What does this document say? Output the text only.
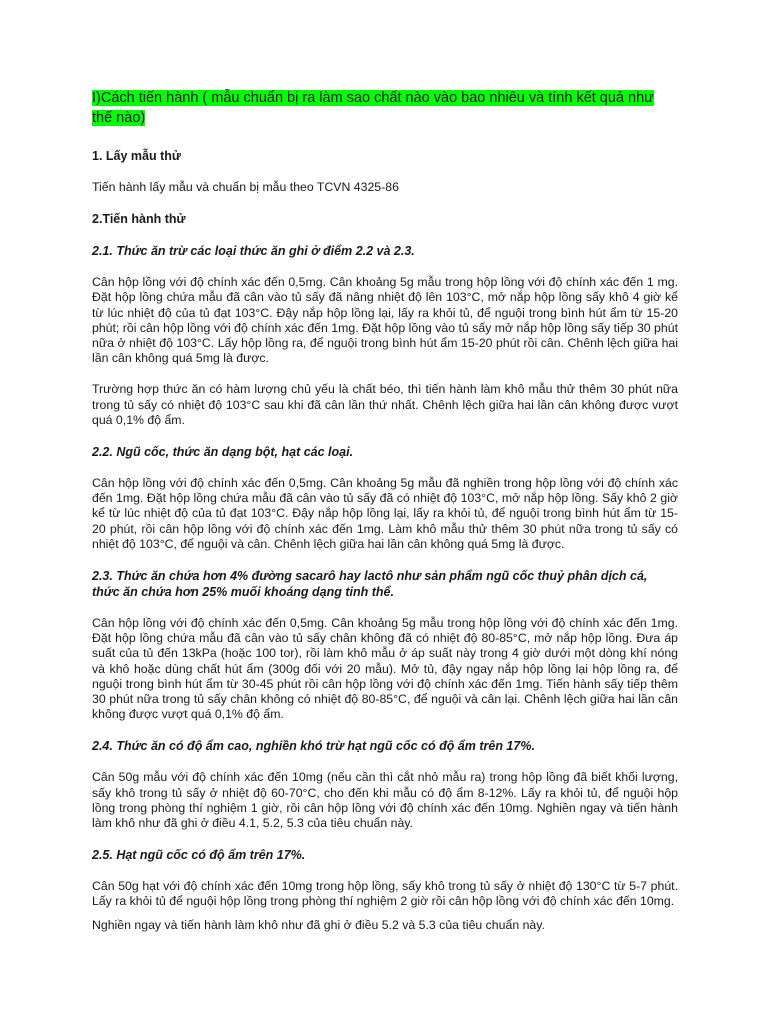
I)Cách tiến hành ( mẫu chuẩn bị ra làm sao chất nào vào bao nhiêu và tính kết quả như thế nào)

1. Lấy mẫu thử

Tiến hành lấy mẫu và chuẩn bị mẫu theo TCVN 4325-86

2.Tiến hành thử

2.1. Thức ăn trừ các loại thức ăn ghi ở điểm 2.2 và 2.3.

Cân hộp lồng với độ chính xác đến 0,5mg. Cân khoảng 5g mẫu trong hộp lồng với độ chính xác đến 1 mg. Đặt hộp lồng chứa mẫu đã cân vào tủ sấy đã nâng nhiệt độ lên 103°C, mở nắp hộp lồng sấy khô 4 giờ kể từ lúc nhiệt độ của tủ đạt 103°C. Đậy nắp hộp lồng lại, lấy ra khỏi tủ, để nguội trong bình hút ẩm từ 15-20 phút; rồi cân hộp lồng với độ chính xác đến 1mg. Đặt hộp lồng vào tủ sấy mở nắp hộp lồng sấy tiếp 30 phút nữa ở nhiệt độ 103°C. Lấy hộp lồng ra, để nguội trong bình hút ẩm 15-20 phút rồi cân. Chênh lệch giữa hai lần cân không quá 5mg là được.

Trường hợp thức ăn có hàm lượng chủ yếu là chất béo, thì tiến hành làm khô mẫu thử thêm 30 phút nữa trong tủ sấy có nhiệt độ 103°C sau khi đã cân lần thứ nhất. Chênh lệch giữa hai lần cân không được vượt quá 0,1% độ ẩm.

2.2. Ngũ cốc, thức ăn dạng bột, hạt các loại.

Cân hộp lồng với độ chính xác đến 0,5mg. Cân khoảng 5g mẫu đã nghiền trong hộp lồng với độ chính xác đến 1mg. Đặt hộp lồng chứa mẫu đã cân vào tủ sấy đã có nhiệt độ 103°C, mở nắp hộp lồng. Sấy khô 2 giờ kể từ lúc nhiệt độ của tủ đạt 103°C. Đậy nắp hộp lồng lại, lấy ra khỏi tủ, để nguội trong bình hút ẩm từ 15-20 phút, rồi cân hộp lồng với độ chính xác đến 1mg. Làm khô mẫu thử thêm 30 phút nữa trong tủ sấy có nhiệt độ 103°C, để nguội và cân. Chênh lệch giữa hai lần cân không quá 5mg là được.

2.3. Thức ăn chứa hơn 4% đường sacarô hay lactô như sản phẩm ngũ cốc thuỷ phân dịch cá, thức ăn chứa hơn 25% muối khoáng dạng tinh thể.

Cân hộp lồng với độ chính xác đến 0,5mg. Cân khoảng 5g mẫu trong hộp lồng với độ chính xác đến 1mg. Đặt hộp lồng chứa mẫu đã cân vào tủ sấy chân không đã có nhiệt độ 80-85°C, mở nắp hộp lồng. Đưa áp suất của tủ đến 13kPa (hoặc 100 tor), rồi làm khô mẫu ở áp suất này trong 4 giờ dưới một dòng khí nóng và khô hoặc dùng chất hút ẩm (300g đối với 20 mẫu). Mở tủ, đậy ngay nắp hộp lồng lại hộp lồng ra, để nguội trong bình hút ẩm từ 30-45 phút rồi cân hộp lồng với độ chính xác đến 1mg. Tiến hành sấy tiếp thêm 30 phút nữa trong tủ sấy chân không có nhiệt độ 80-85°C, để nguội và cân lại. Chênh lệch giữa hai lần cân không được vượt quá 0,1% độ ẩm.

2.4. Thức ăn có độ ẩm cao, nghiền khó trừ hạt ngũ cốc có độ ẩm trên 17%.

Cân 50g mẫu với độ chính xác đến 10mg (nếu cần thì cắt nhỏ mẫu ra) trong hộp lồng đã biết khối lượng, sấy khô trong tủ sấy ở nhiệt độ 60-70°C, cho đến khi mẫu có độ ẩm 8-12%. Lấy ra khỏi tủ, để nguội hộp lồng trong phòng thí nghiệm 1 giờ, rồi cân hộp lồng với độ chính xác đến 10mg. Nghiền ngay và tiến hành làm khô như đã ghi ở điều 4.1, 5.2, 5.3 của tiêu chuẩn này.

2.5. Hạt ngũ cốc có độ ẩm trên 17%.

Cân 50g hạt với độ chính xác đến 10mg trong hộp lồng, sấy khô trong tủ sấy ở nhiệt độ 130°C từ 5-7 phút. Lấy ra khỏi tủ để nguội hộp lồng trong phòng thí nghiệm 2 giờ rồi cân hộp lồng với độ chính xác đến 10mg.

Nghiền ngay và tiến hành làm khô như đã ghi ở điều 5.2 và 5.3 của tiêu chuẩn này.
